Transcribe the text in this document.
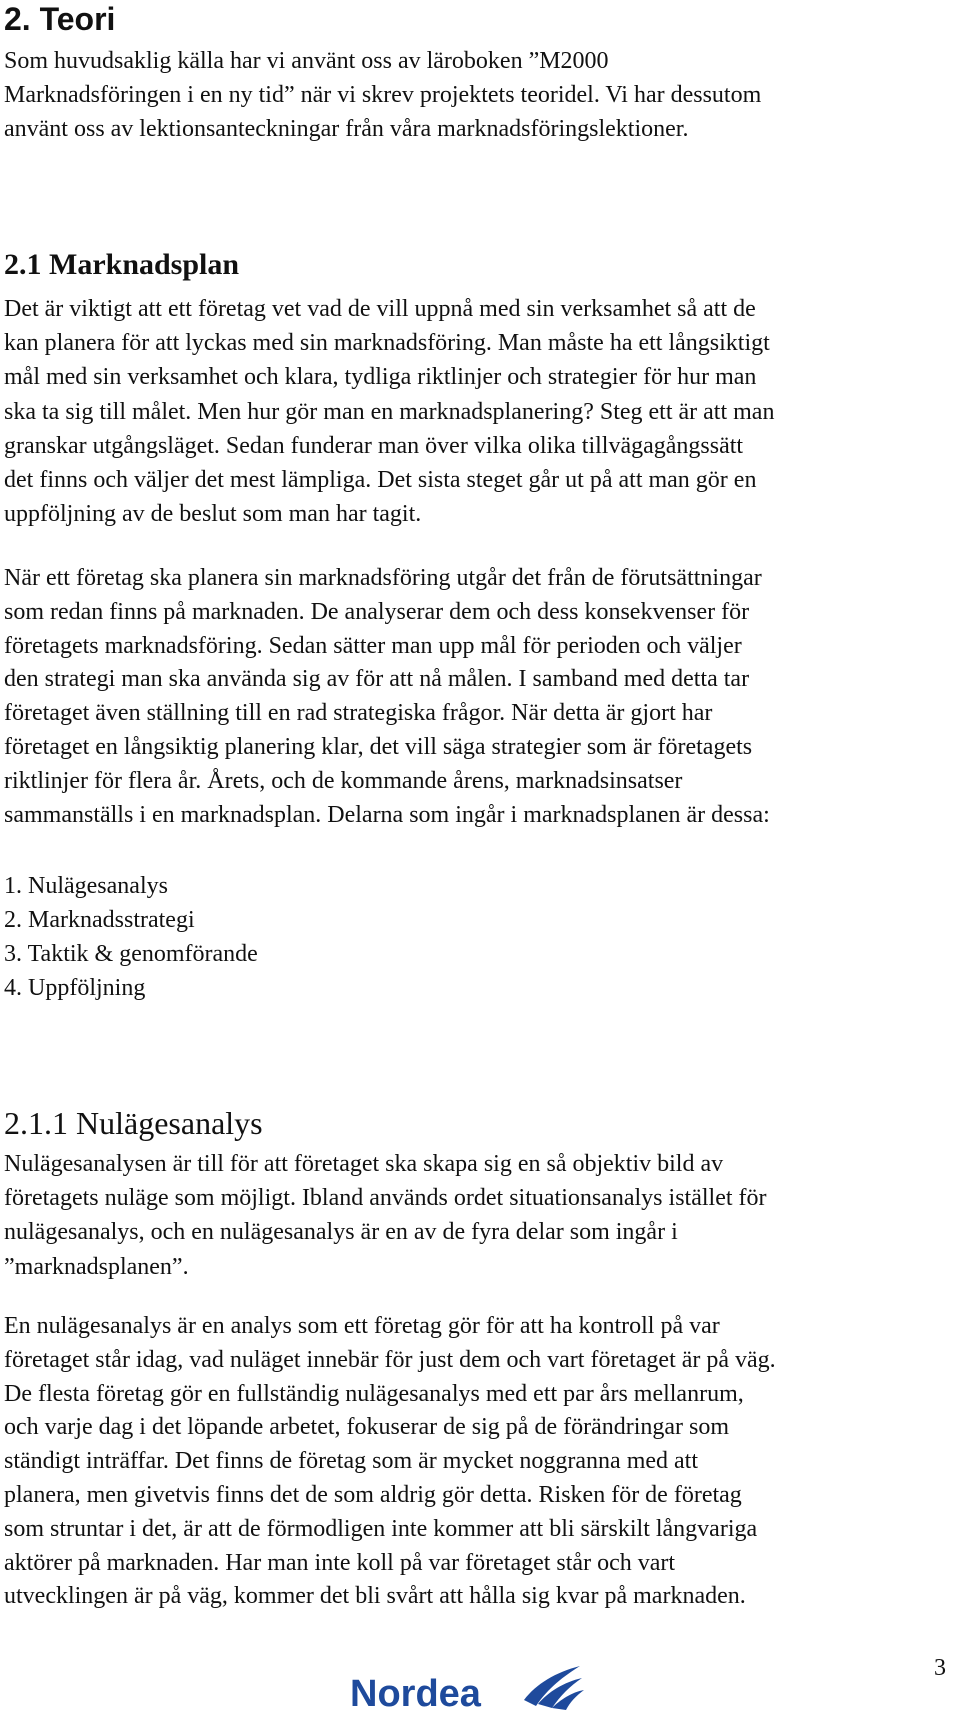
2. Teori

Som huvudsaklig källa har vi använt oss av läroboken ”M2000
Marknadsföringen i en ny tid” när vi skrev projektets teoridel. Vi har dessutom
använt oss av lektionsanteckningar från våra marknadsföringslektioner.

2.1 Marknadsplan

Det är viktigt att ett företag vet vad de vill uppnå med sin verksamhet så att de
kan planera för att lyckas med sin marknadsföring. Man måste ha ett långsiktigt
mål med sin verksamhet och klara, tydliga riktlinjer och strategier för hur man
ska ta sig till målet. Men hur gör man en marknadsplanering? Steg ett är att man
granskar utgångsläget. Sedan funderar man över vilka olika tillvägagångssätt
det finns och väljer det mest lämpliga. Det sista steget går ut på att man gör en
uppföljning av de beslut som man har tagit.

När ett företag ska planera sin marknadsföring utgår det från de förutsättningar
som redan finns på marknaden. De analyserar dem och dess konsekvenser för
företagets marknadsföring. Sedan sätter man upp mål för perioden och väljer
den strategi man ska använda sig av för att nå målen. I samband med detta tar
företaget även ställning till en rad strategiska frågor. När detta är gjort har
företaget en långsiktig planering klar, det vill säga strategier som är företagets
riktlinjer för flera år. Årets, och de kommande årens, marknadsinsatser
sammanställs i en marknadsplan. Delarna som ingår i marknadsplanen är dessa:

1. Nulägesanalys
2. Marknadsstrategi
3. Taktik & genomförande
4. Uppföljning
2.1.1 Nulägesanalys

Nulägesanalysen är till för att företaget ska skapa sig en så objektiv bild av
företagets nuläge som möjligt. Ibland används ordet situationsanalys istället för
nulägesanalys, och en nulägesanalys är en av de fyra delar som ingår i
”marknadsplanen”.

En nulägesanalys är en analys som ett företag gör för att ha kontroll på var
företaget står idag, vad nuläget innebär för just dem och vart företaget är på väg.
De flesta företag gör en fullständig nulägesanalys med ett par års mellanrum,
och varje dag i det löpande arbetet, fokuserar de sig på de förändringar som
ständigt inträffar. Det finns de företag som är mycket noggranna med att
planera, men givetvis finns det de som aldrig gör detta. Risken för de företag
som struntar i det, är att de förmodligen inte kommer att bli särskilt långvariga
aktörer på marknaden. Har man inte koll på var företaget står och vart
utvecklingen är på väg, kommer det bli svårt att hålla sig kvar på marknaden.

3
Nordea
